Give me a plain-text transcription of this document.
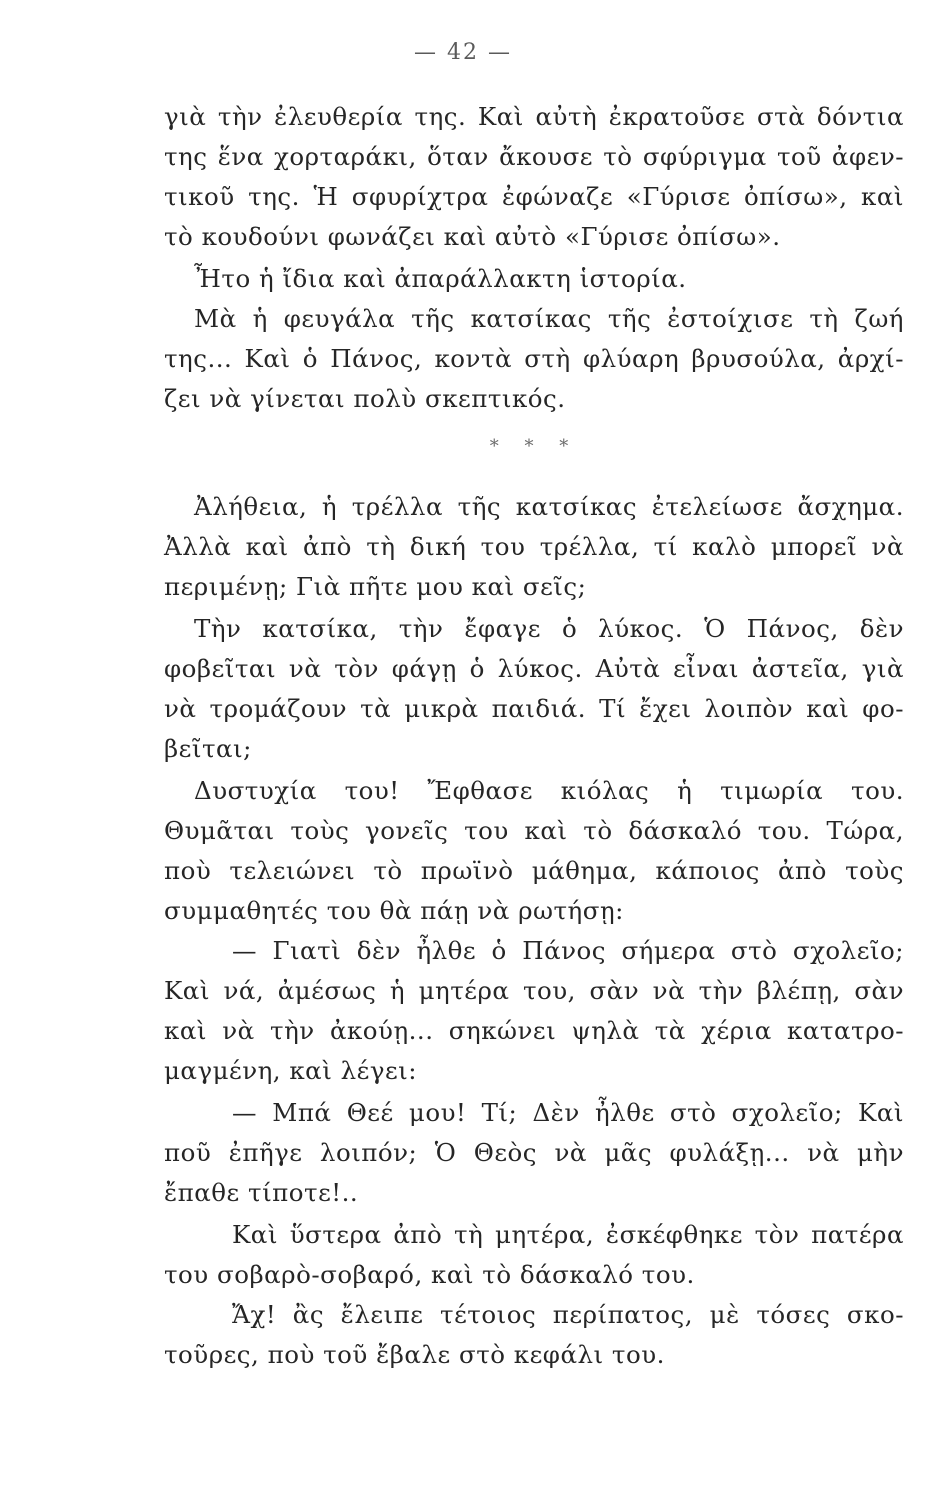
— 42 —
γιὰ τὴν ἐλευθερία της. Καὶ αὐτὴ ἐκρατοῦσε στὰ δόντια
της ἕνα χορταράκι, ὅταν ἄκουσε τὸ σφύριγμα τοῦ ἀφεν-
τικοῦ της. Ἡ σφυρίχτρα ἐφώναζε «Γύρισε ὀπίσω», καὶ
τὸ κουδούνι φωνάζει καὶ αὐτὸ «Γύρισε ὀπίσω».
Ἦτο ἡ ἴδια καὶ ἀπαράλλακτη ἱστορία.
Μὰ ἡ φευγάλα τῆς κατσίκας τῆς ἐστοίχισε τὴ ζωή
της... Καὶ ὁ Πάνος, κοντὰ στὴ φλύαρη βρυσούλα, ἀρχί-
ζει νὰ γίνεται πολὺ σκεπτικός.
* * *
Ἀλήθεια, ἡ τρέλλα τῆς κατσίκας ἐτελείωσε ἄσχημα.
Ἀλλὰ καὶ ἀπὸ τὴ δική του τρέλλα, τί καλὸ μπορεῖ νὰ
περιμένῃ; Γιὰ πῆτε μου καὶ σεῖς;
Τὴν κατσίκα, τὴν ἔφαγε ὁ λύκος. Ὁ Πάνος, δὲν
φοβεῖται νὰ τὸν φάγῃ ὁ λύκος. Αὐτὰ εἶναι ἀστεῖα, γιὰ
νὰ τρομάζουν τὰ μικρὰ παιδιά. Τί ἔχει λοιπὸν καὶ φο-
βεῖται;
Δυστυχία του! Ἔφθασε κιόλας ἡ τιμωρία του.
Θυμᾶται τοὺς γονεῖς του καὶ τὸ δάσκαλό του. Τώρα,
ποὺ τελειώνει τὸ πρωϊνὸ μάθημα, κάποιος ἀπὸ τοὺς
συμμαθητές του θὰ πάῃ νὰ ρωτήσῃ:
— Γιατὶ δὲν ἦλθε ὁ Πάνος σήμερα στὸ σχολεῖο;
Καὶ νά, ἀμέσως ἡ μητέρα του, σὰν νὰ τὴν βλέπῃ, σὰν
καὶ νὰ τὴν ἀκούῃ... σηκώνει ψηλὰ τὰ χέρια κατατρο-
μαγμένη, καὶ λέγει:
— Μπά Θεέ μου! Τί; Δὲν ἦλθε στὸ σχολεῖο; Καὶ
ποῦ ἐπῆγε λοιπόν; Ὁ Θεὸς νὰ μᾶς φυλάξῃ... νὰ μὴν
ἔπαθε τίποτε!..
Καὶ ὕστερα ἀπὸ τὴ μητέρα, ἐσκέφθηκε τὸν πατέρα
του σοβαρὸ-σοβαρό, καὶ τὸ δάσκαλό του.
Ἄχ! ἂς ἔλειπε τέτοιος περίπατος, μὲ τόσες σκο-
τοῦρες, ποὺ τοῦ ἔβαλε στὸ κεφάλι του.
